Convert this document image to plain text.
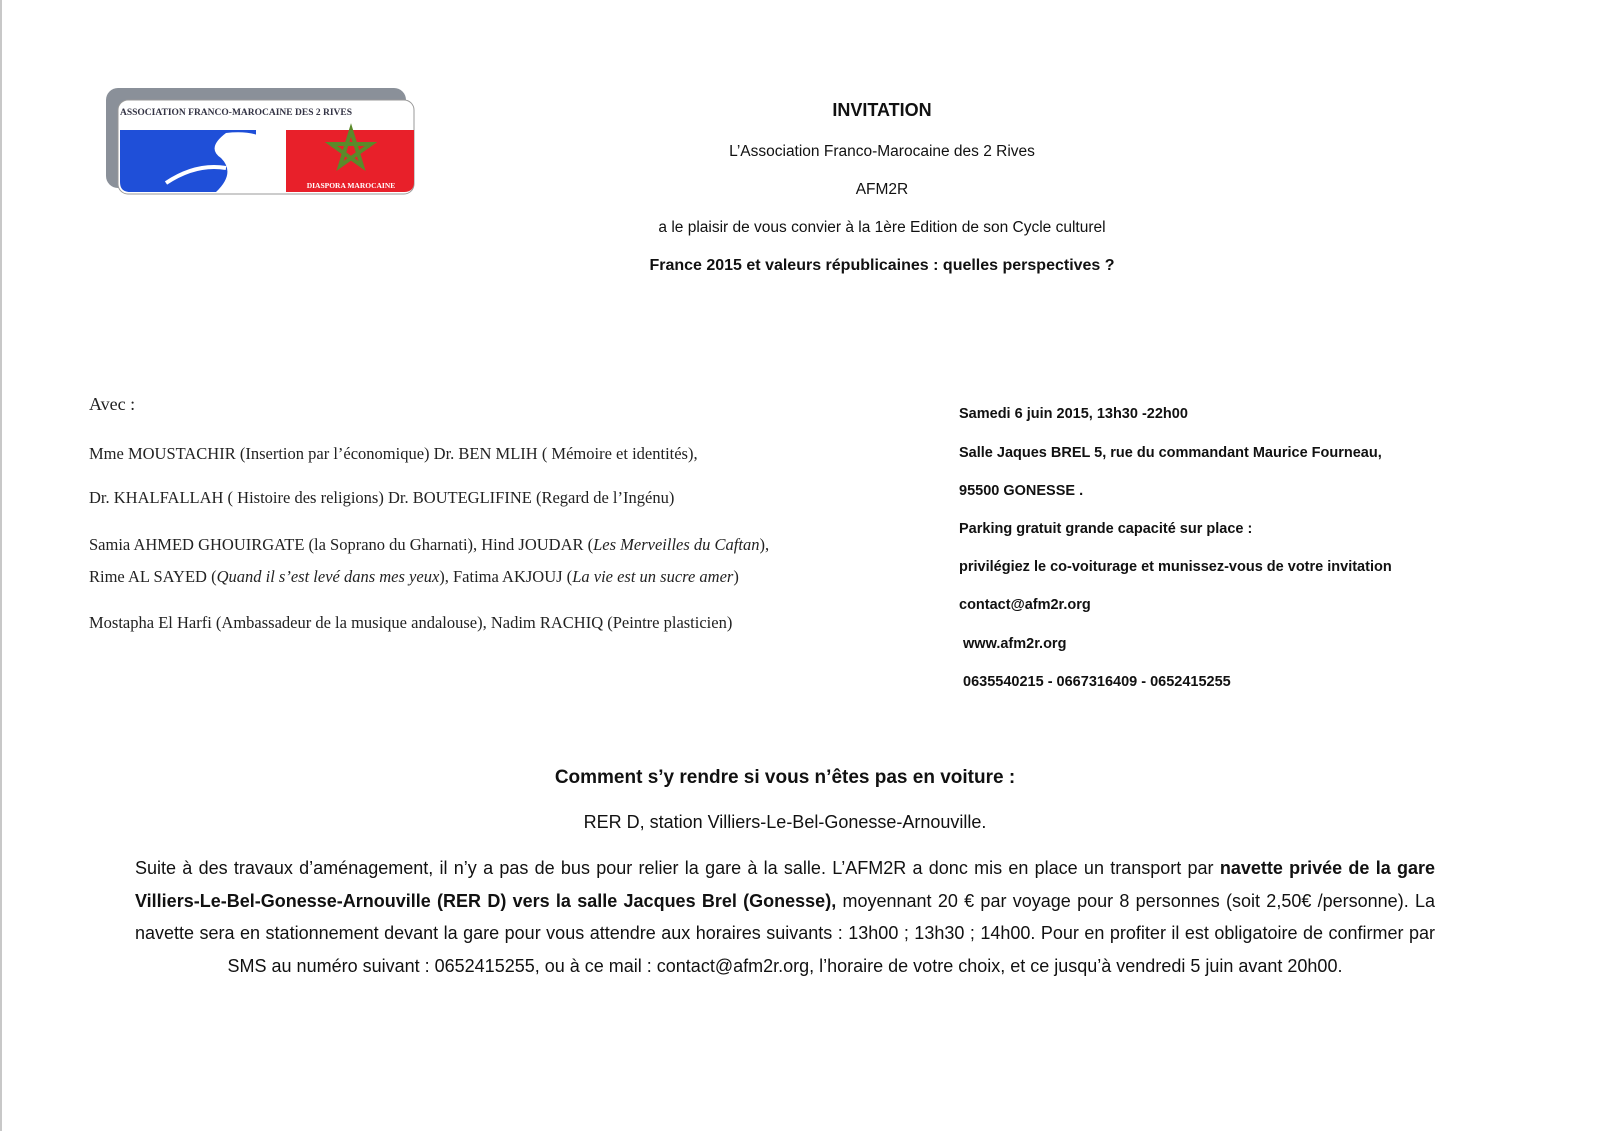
ASSOCIATION FRANCO-MAROCAINE DES 2 RIVES
DIASPORA MAROCAINE
INVITATION
L’Association Franco-Marocaine des 2 Rives
AFM2R
a le plaisir de vous convier à la 1ère Edition de son Cycle culturel
France 2015 et valeurs républicaines : quelles perspectives ?
Avec :
Mme MOUSTACHIR (Insertion par l’économique) Dr. BEN MLIH ( Mémoire et identités),
Dr. KHALFALLAH ( Histoire des religions) Dr. BOUTEGLIFINE (Regard de l’Ingénu)
Samia AHMED GHOUIRGATE (la Soprano du Gharnati), Hind JOUDAR (Les Merveilles du Caftan),
Rime AL SAYED (Quand il s’est levé dans mes yeux), Fatima AKJOUJ (La vie est un sucre amer)
Mostapha El Harfi (Ambassadeur de la musique andalouse), Nadim RACHIQ (Peintre plasticien)
Samedi 6 juin 2015, 13h30 -22h00
Salle Jaques BREL 5, rue du commandant Maurice Fourneau,
95500 GONESSE .
Parking gratuit grande capacité sur place :
privilégiez le co-voiturage et munissez-vous de votre invitation
contact@afm2r.org
www.afm2r.org
0635540215 - 0667316409 - 0652415255
Comment s’y rendre si vous n’êtes pas en voiture :
RER D, station Villiers-Le-Bel-Gonesse-Arnouville.
Suite à des travaux d’aménagement, il n’y a pas de bus pour relier la gare à la salle. L’AFM2R a donc mis en place un transport par navette privée de la gare Villiers-Le-Bel-Gonesse-Arnouville (RER D) vers la salle Jacques Brel (Gonesse), moyennant 20 € par voyage pour 8 personnes (soit 2,50€ /personne). La navette sera en stationnement devant la gare pour vous attendre aux horaires suivants : 13h00 ; 13h30 ; 14h00. Pour en profiter il est obligatoire de confirmer par SMS au numéro suivant : 0652415255, ou à ce mail : contact@afm2r.org, l’horaire de votre choix, et ce jusqu’à vendredi 5 juin avant 20h00.
